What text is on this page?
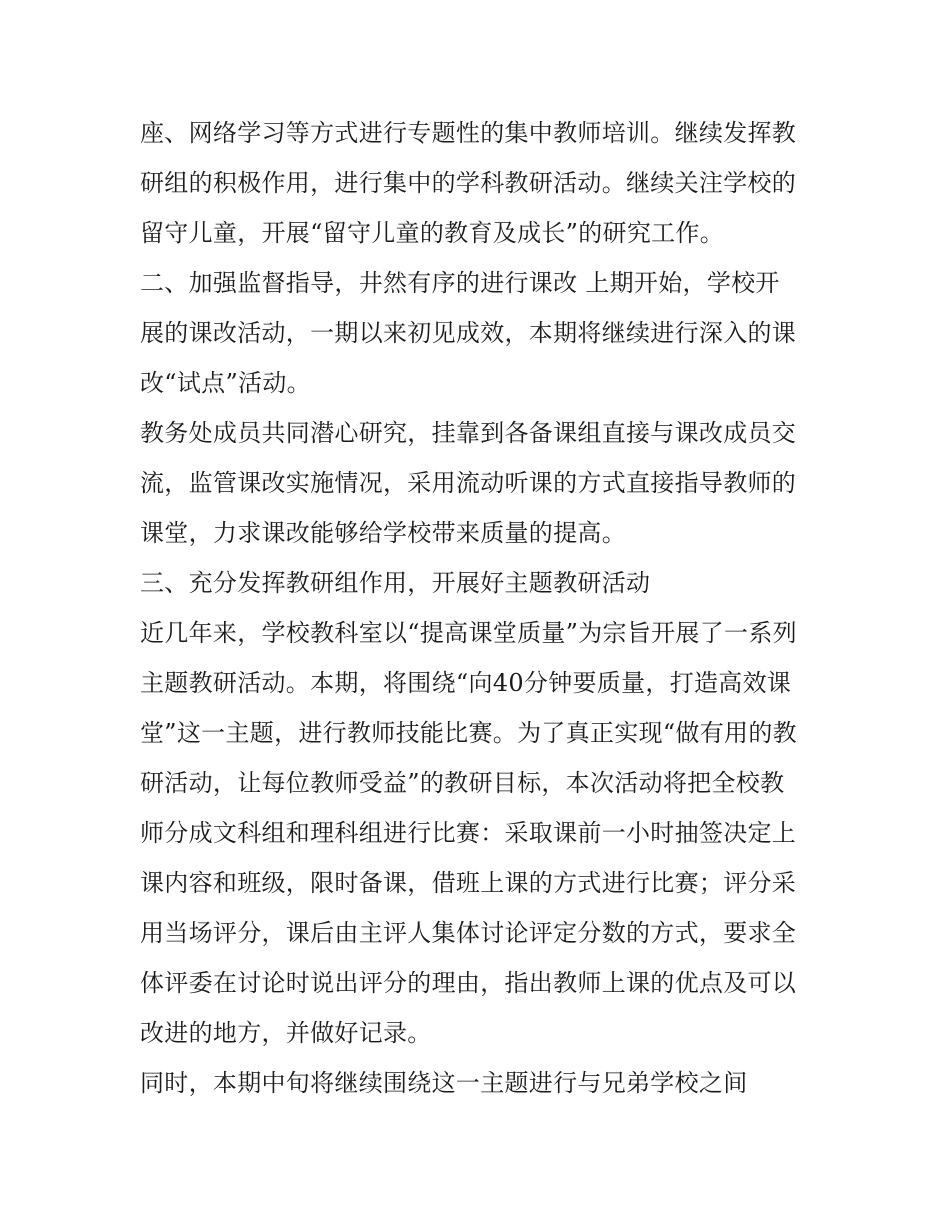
座、网络学习等方式进行专题性的集中教师培训。继续发挥教
研组的积极作用，进行集中的学科教研活动。继续关注学校的
留守儿童，开展“留守儿童的教育及成长”的研究工作。
二、加强监督指导，井然有序的进行课改 上期开始，学校开
展的课改活动，一期以来初见成效，本期将继续进行深入的课
改“试点”活动。
教务处成员共同潜心研究，挂靠到各备课组直接与课改成员交
流，监管课改实施情况，采用流动听课的方式直接指导教师的
课堂，力求课改能够给学校带来质量的提高。
三、充分发挥教研组作用，开展好主题教研活动
近几年来，学校教科室以“提高课堂质量”为宗旨开展了一系列
主题教研活动。本期，将围绕“向40分钟要质量，打造高效课
堂”这一主题，进行教师技能比赛。为了真正实现“做有用的教
研活动，让每位教师受益”的教研目标，本次活动将把全校教
师分成文科组和理科组进行比赛：采取课前一小时抽签决定上
课内容和班级，限时备课，借班上课的方式进行比赛；评分采
用当场评分，课后由主评人集体讨论评定分数的方式，要求全
体评委在讨论时说出评分的理由，指出教师上课的优点及可以
改进的地方，并做好记录。
同时，本期中旬将继续围绕这一主题进行与兄弟学校之间
